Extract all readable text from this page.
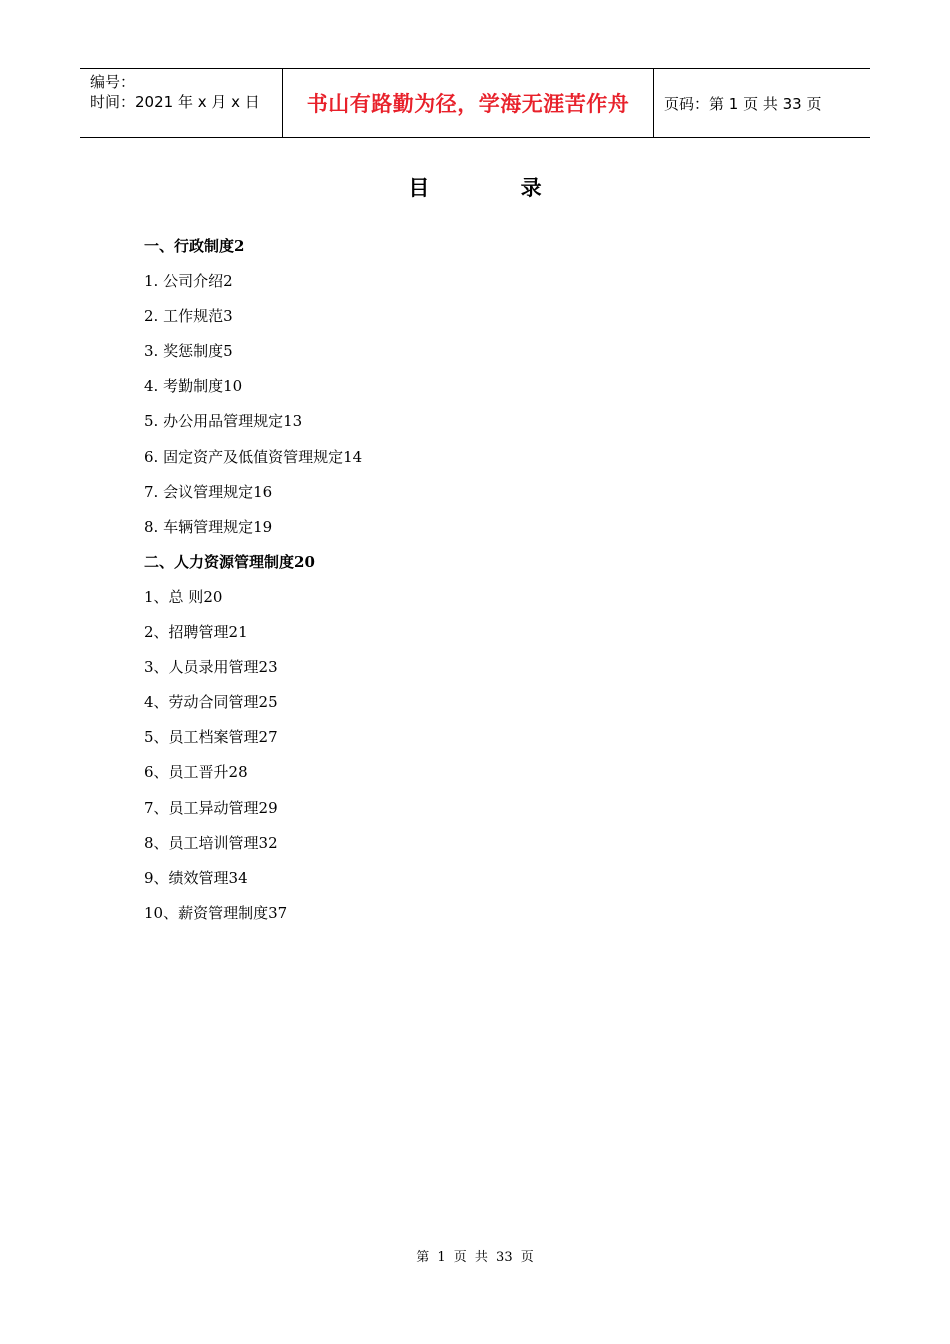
编号：
时间：2021 年 x 月 x 日	书山有路勤为径，学海无涯苦作舟 页码：第 1 页 共 33 页
目 录
一、行政制度2
1. 公司介绍2
2. 工作规范3
3. 奖惩制度5
4. 考勤制度10
5. 办公用品管理规定13
6. 固定资产及低值资管理规定14
7. 会议管理规定16
8. 车辆管理规定19
二、人力资源管理制度20
1、总 则20
2、招聘管理21
3、人员录用管理23
4、劳动合同管理25
5、员工档案管理27
6、员工晋升28
7、员工异动管理29
8、员工培训管理32
9、绩效管理34
10、薪资管理制度37
第 1 页 共 33 页
